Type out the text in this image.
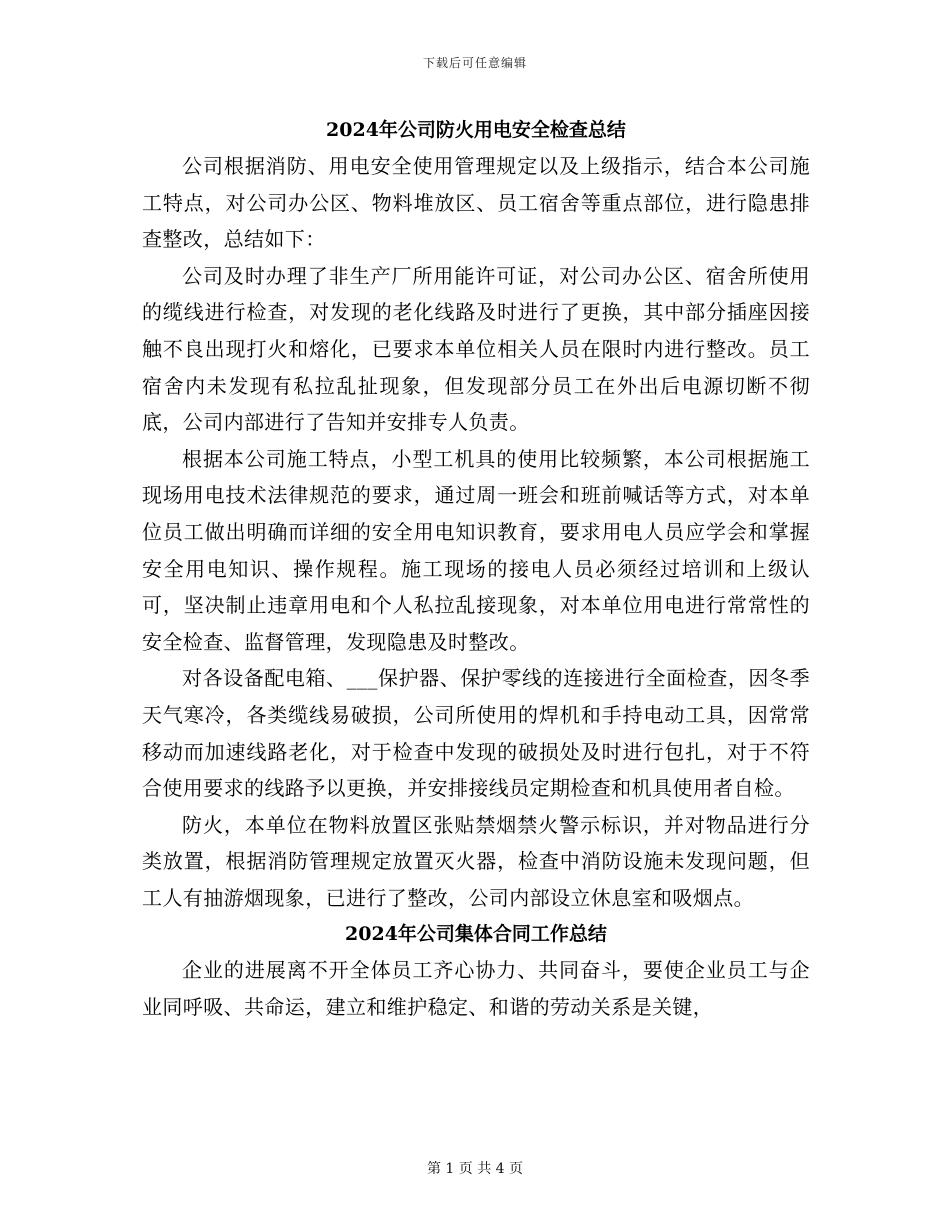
下载后可任意编辑
2024年公司防火用电安全检查总结

公司根据消防、用电安全使用管理规定以及上级指示，结合本公司施工特点，对公司办公区、物料堆放区、员工宿舍等重点部位，进行隐患排查整改，总结如下：

公司及时办理了非生产厂所用能许可证，对公司办公区、宿舍所使用的缆线进行检查，对发现的老化线路及时进行了更换，其中部分插座因接触不良出现打火和熔化，已要求本单位相关人员在限时内进行整改。员工宿舍内未发现有私拉乱扯现象，但发现部分员工在外出后电源切断不彻底，公司内部进行了告知并安排专人负责。

根据本公司施工特点，小型工机具的使用比较频繁，本公司根据施工现场用电技术法律规范的要求，通过周一班会和班前喊话等方式，对本单位员工做出明确而详细的安全用电知识教育，要求用电人员应学会和掌握安全用电知识、操作规程。施工现场的接电人员必须经过培训和上级认可，坚决制止违章用电和个人私拉乱接现象，对本单位用电进行常常性的安全检查、监督管理，发现隐患及时整改。

对各设备配电箱、___保护器、保护零线的连接进行全面检查，因冬季天气寒冷，各类缆线易破损，公司所使用的焊机和手持电动工具，因常常移动而加速线路老化，对于检查中发现的破损处及时进行包扎，对于不符合使用要求的线路予以更换，并安排接线员定期检查和机具使用者自检。

防火，本单位在物料放置区张贴禁烟禁火警示标识，并对物品进行分类放置，根据消防管理规定放置灭火器，检查中消防设施未发现问题，但工人有抽游烟现象，已进行了整改，公司内部设立休息室和吸烟点。

2024年公司集体合同工作总结

企业的进展离不开全体员工齐心协力、共同奋斗，要使企业员工与企业同呼吸、共命运，建立和维护稳定、和谐的劳动关系是关键，

第 1 页 共 4 页
